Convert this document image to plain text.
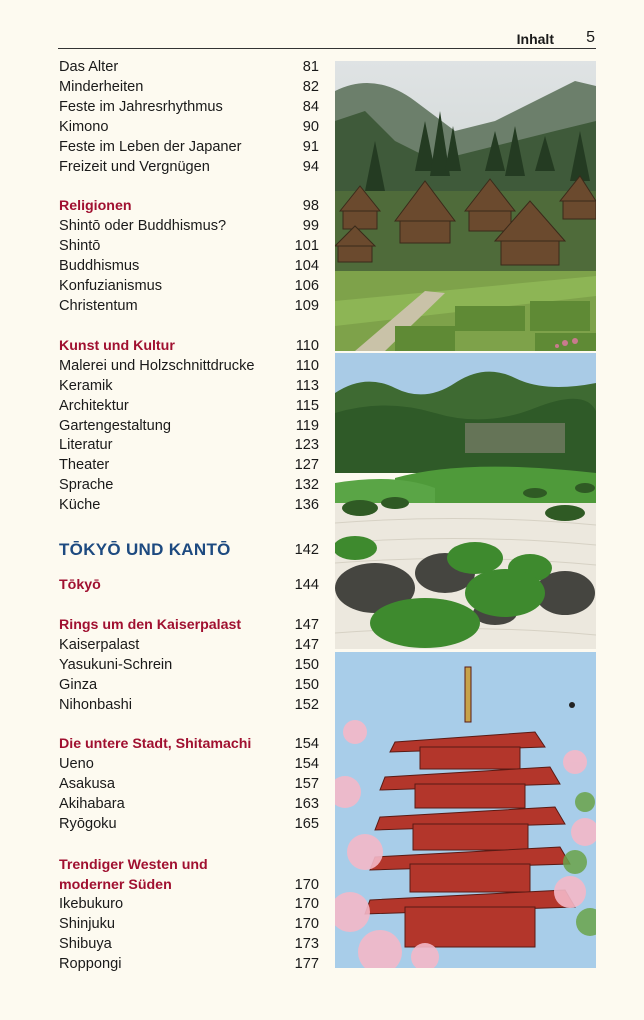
Inhalt 5
Das Alter	81
Minderheiten	82
Feste im Jahresrhythmus	84
Kimono	90
Feste im Leben der Japaner	91
Freizeit und Vergnügen	94
Religionen	98
Shintō oder Buddhismus?	99
Shintō	101
Buddhismus	104
Konfuzianismus	106
Christentum	109
Kunst und Kultur	110
Malerei und Holzschnittdrucke	110
Keramik	113
Architektur	115
Gartengestaltung	119
Literatur	123
Theater	127
Sprache	132
Küche	136
TŌKYŌ UND KANTŌ	142
Tōkyō	144
Rings um den Kaiserpalast	147
Kaiserpalast	147
Yasukuni-Schrein	150
Ginza	150
Nihonbashi	152
Die untere Stadt, Shitamachi	154
Ueno	154
Asakusa	157
Akihabara	163
Ryōgoku	165
Trendiger Westen und
moderner Süden	170
Ikebukuro	170
Shinjuku	170
Shibuya	173
Roppongi	177
